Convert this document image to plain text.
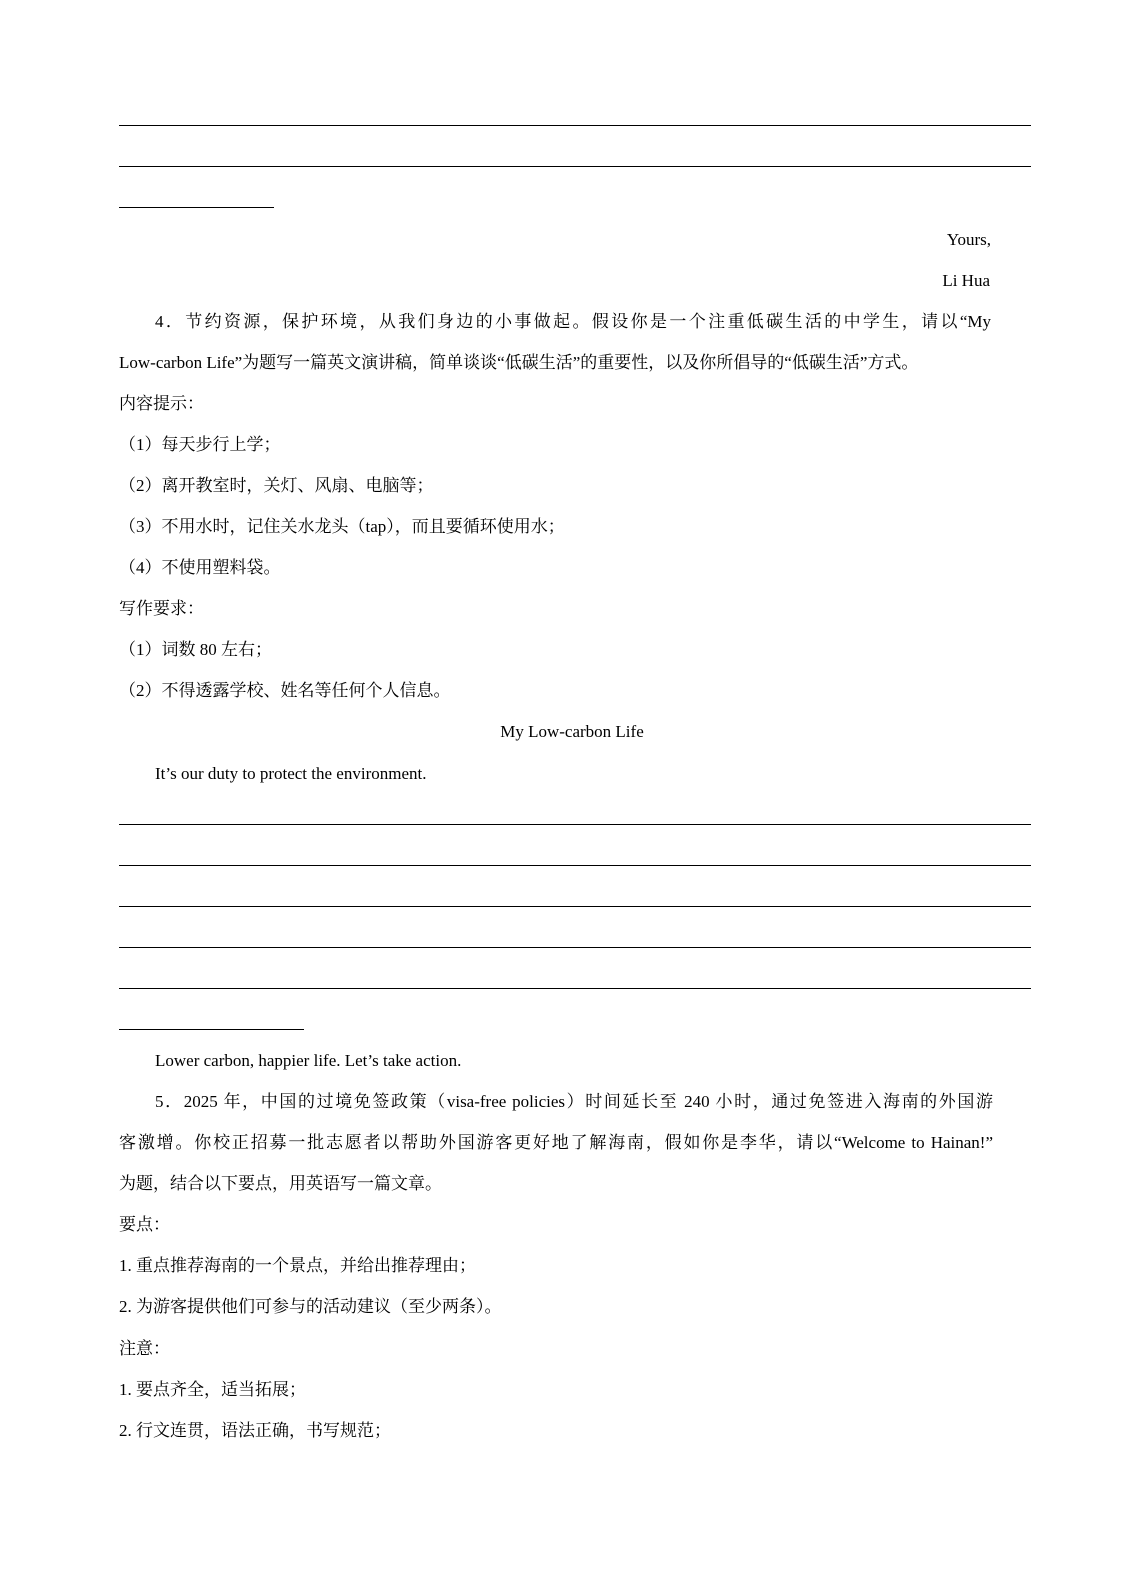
Yours,
Li Hua
4．节约资源，保护环境，从我们身边的小事做起。假设你是一个注重低碳生活的中学生，请以“My
Low-carbon Life”为题写一篇英文演讲稿，简单谈谈“低碳生活”的重要性，以及你所倡导的“低碳生活”方式。
内容提示：
（1）每天步行上学；
（2）离开教室时，关灯、风扇、电脑等；
（3）不用水时，记住关水龙头（tap），而且要循环使用水；
（4）不使用塑料袋。
写作要求：
（1）词数 80 左右；
（2）不得透露学校、姓名等任何个人信息。
My Low-carbon Life
It’s our duty to protect the environment.
Lower carbon, happier life. Let’s take action.
5．2025 年，中国的过境免签政策（visa-free policies）时间延长至 240 小时，通过免签进入海南的外国游
客激增。你校正招募一批志愿者以帮助外国游客更好地了解海南，假如你是李华，请以“Welcome to Hainan!”
为题，结合以下要点，用英语写一篇文章。
要点：
1. 重点推荐海南的一个景点，并给出推荐理由；
2. 为游客提供他们可参与的活动建议（至少两条）。
注意：
1. 要点齐全，适当拓展；
2. 行文连贯，语法正确，书写规范；
